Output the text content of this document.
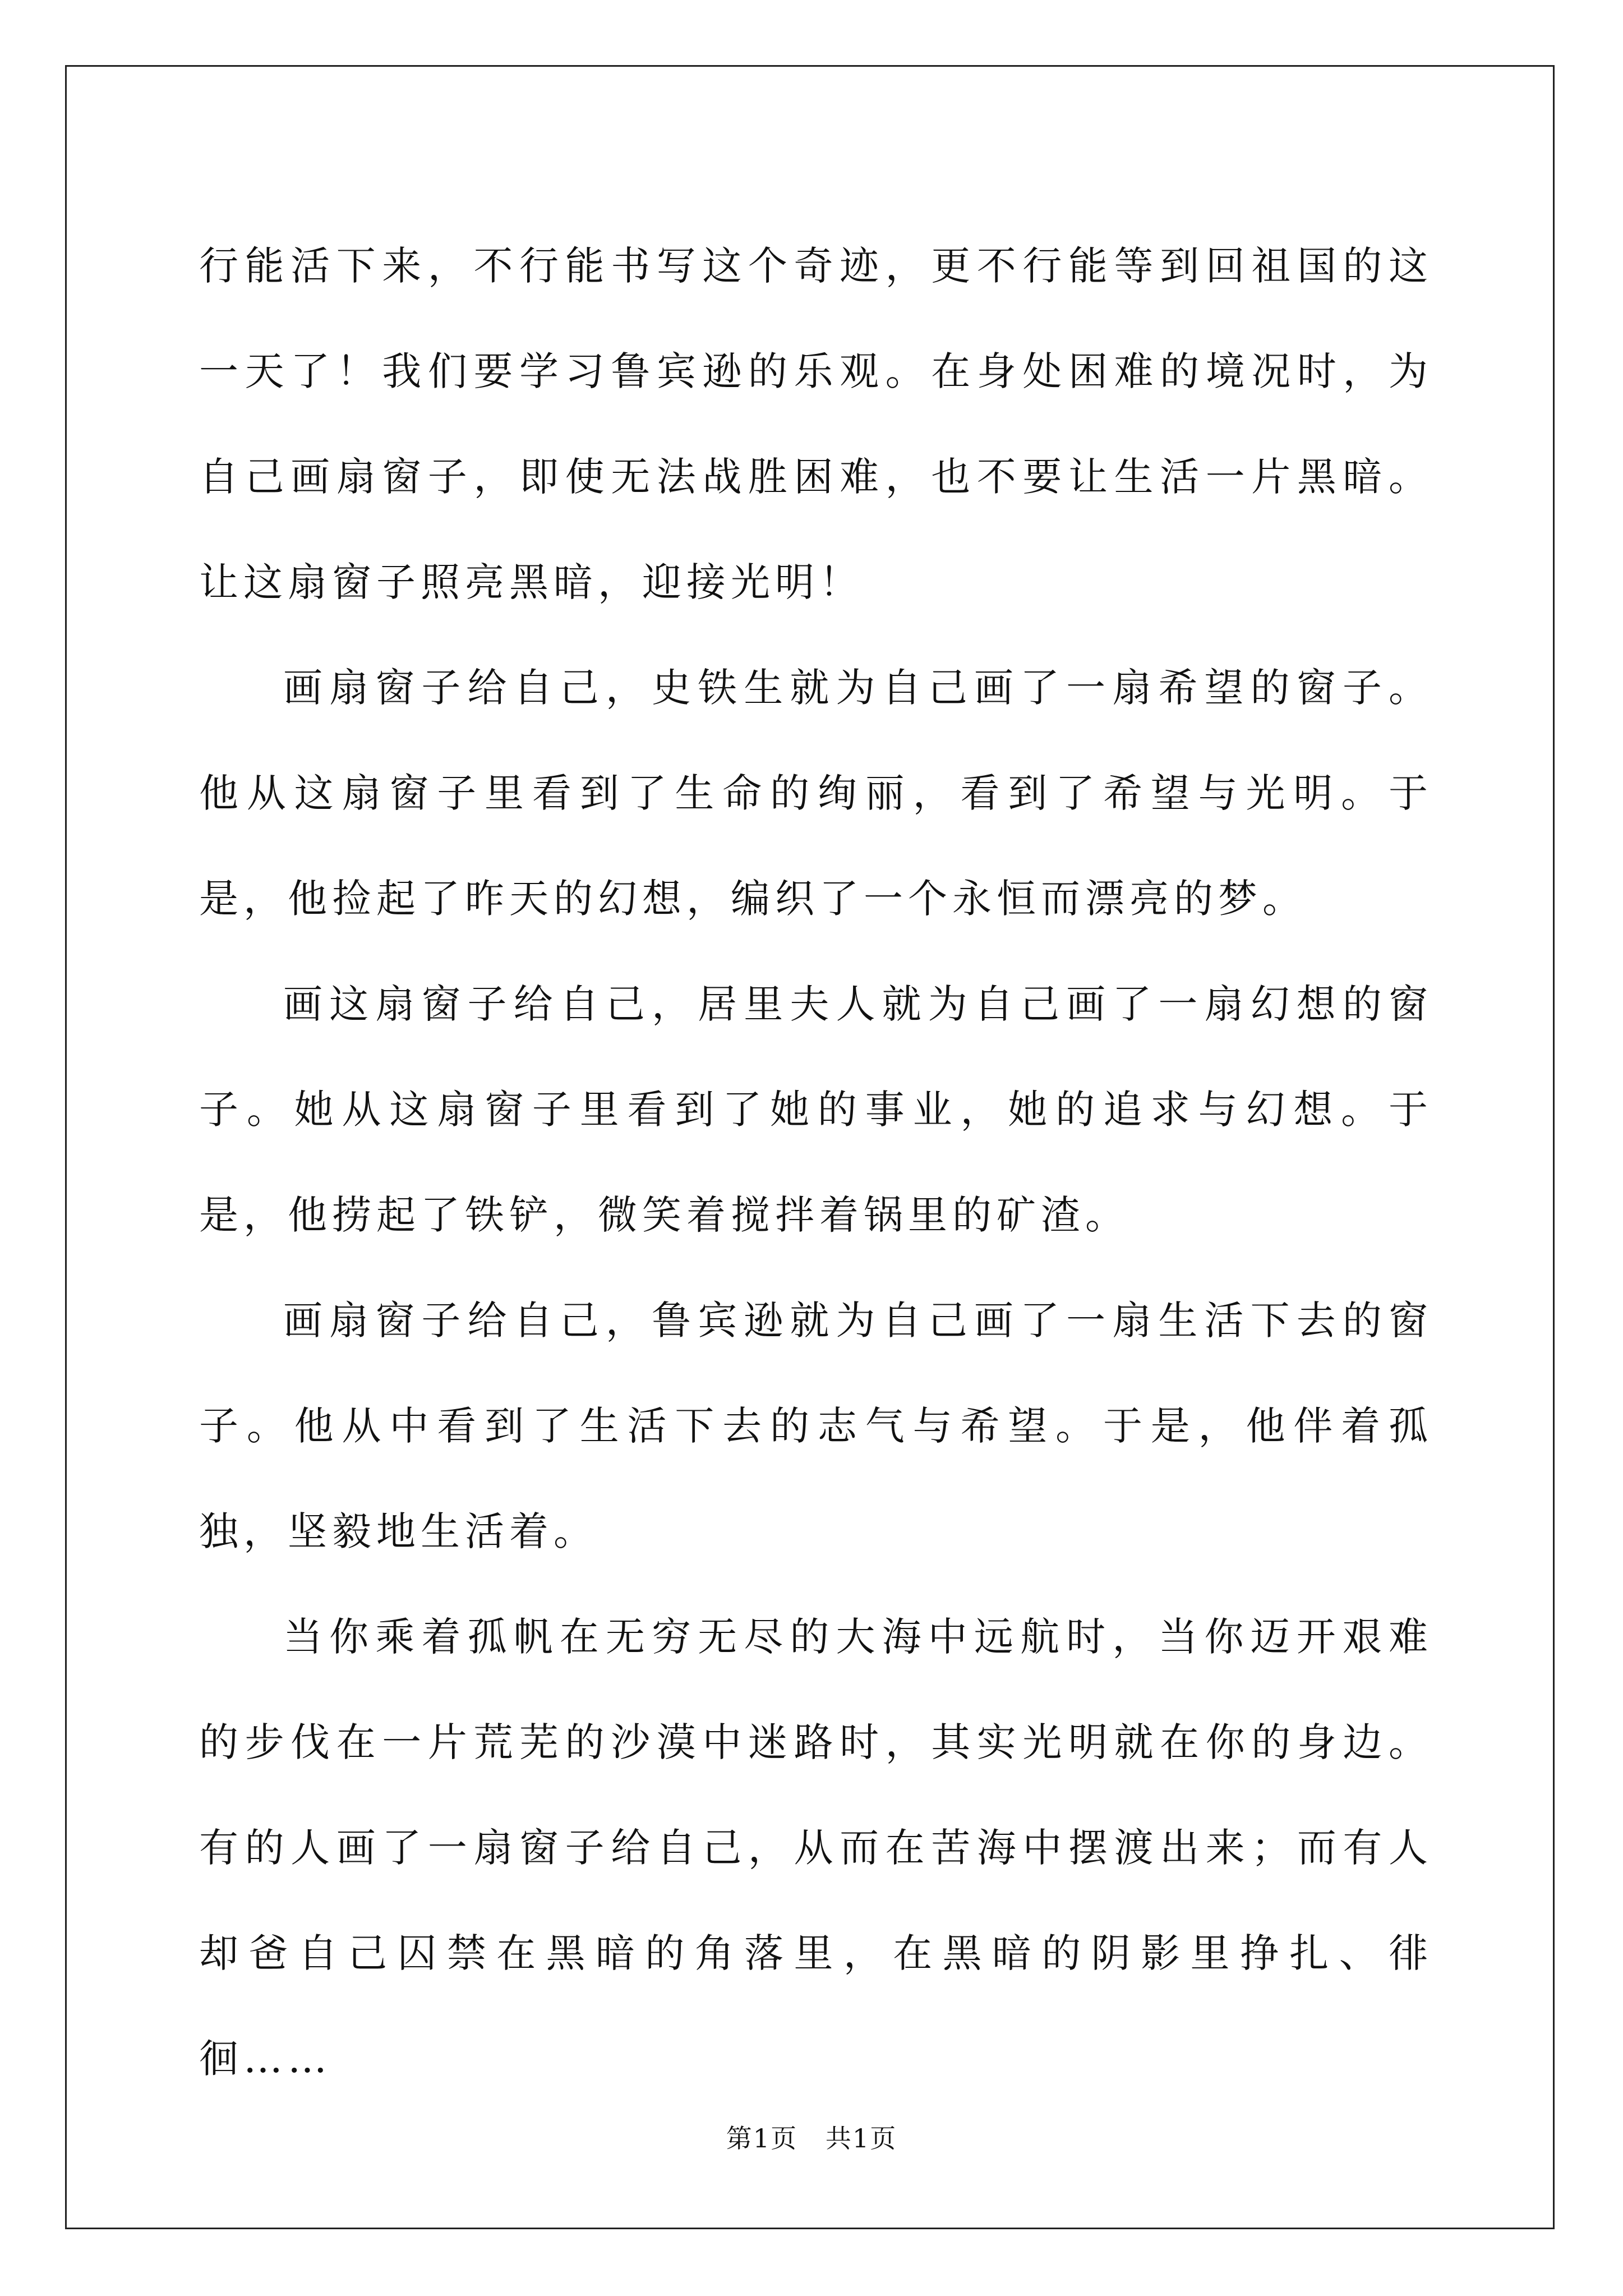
行能活下来，不行能书写这个奇迹，更不行能等到回祖国的这一天了！我们要学习鲁宾逊的乐观。在身处困难的境况时，为自己画扇窗子，即使无法战胜困难，也不要让生活一片黑暗。让这扇窗子照亮黑暗，迎接光明！

画扇窗子给自己，史铁生就为自己画了一扇希望的窗子。他从这扇窗子里看到了生命的绚丽，看到了希望与光明。于是，他捡起了昨天的幻想，编织了一个永恒而漂亮的梦。

画这扇窗子给自己，居里夫人就为自己画了一扇幻想的窗子。她从这扇窗子里看到了她的事业，她的追求与幻想。于是，他捞起了铁铲，微笑着搅拌着锅里的矿渣。

画扇窗子给自己，鲁宾逊就为自己画了一扇生活下去的窗子。他从中看到了生活下去的志气与希望。于是，他伴着孤独，坚毅地生活着。

当你乘着孤帆在无穷无尽的大海中远航时，当你迈开艰难的步伐在一片荒芜的沙漠中迷路时，其实光明就在你的身边。有的人画了一扇窗子给自己，从而在苦海中摆渡出来；而有人却爸自己囚禁在黑暗的角落里，在黑暗的阴影里挣扎、徘徊……

第1页   共1页
